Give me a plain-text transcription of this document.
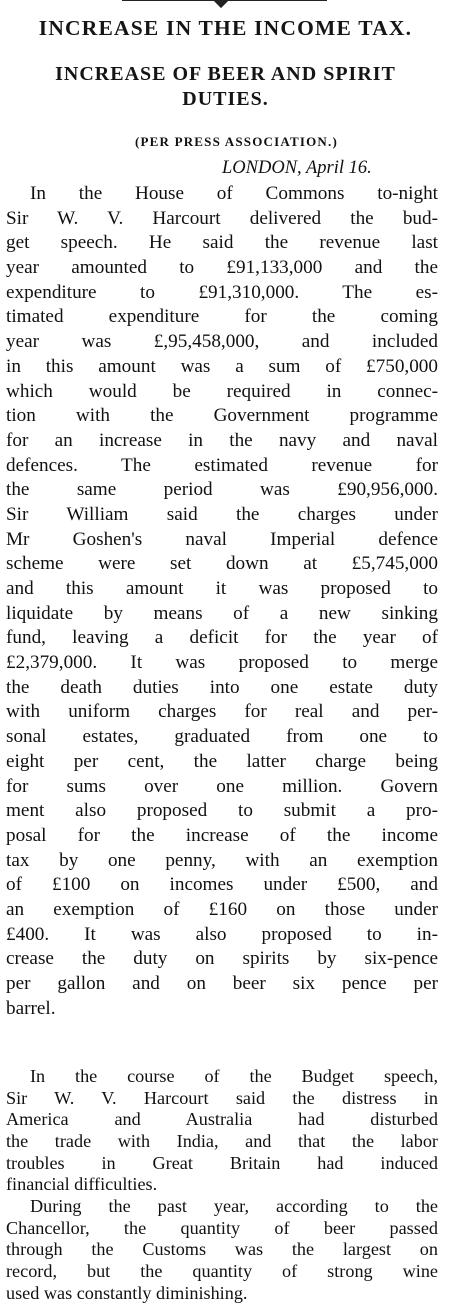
INCREASE IN THE INCOME TAX.
INCREASE OF BEER AND SPIRIT
DUTIES.
(PER PRESS ASSOCIATION.)
LONDON, April 16.
In the House of Commons to-night
Sir W. V. Harcourt delivered the bud-
get speech. He said the revenue last
year amounted to £91,133,000 and the
expenditure to £91,310,000. The es-
timated expenditure for the coming
year was £,95,458,000, and included
in this amount was a sum of £750,000
which would be required in connec-
tion with the Government programme
for an increase in the navy and naval
defences. The estimated revenue for
the same period was £90,956,000.
Sir William said the charges under
Mr Goshen's naval Imperial defence
scheme were set down at £5,745,000
and this amount it was proposed to
liquidate by means of a new sinking
fund, leaving a deficit for the year of
£2,379,000. It was proposed to merge
the death duties into one estate duty
with uniform charges for real and per-
sonal estates, graduated from one to
eight per cent, the latter charge being
for sums over one million. Govern
ment also proposed to submit a pro-
posal for the increase of the income
tax by one penny, with an exemption
of £100 on incomes under £500, and
an exemption of £160 on those under
£400. It was also proposed to in-
crease the duty on spirits by six-pence
per gallon and on beer six pence per
barrel.
In the course of the Budget speech,
Sir W. V. Harcourt said the distress in
America and Australia had disturbed
the trade with India, and that the labor
troubles in Great Britain had induced
financial difficulties.
During the past year, according to the
Chancellor, the quantity of beer passed
through the Customs was the largest on
record, but the quantity of strong wine
used was constantly diminishing.
